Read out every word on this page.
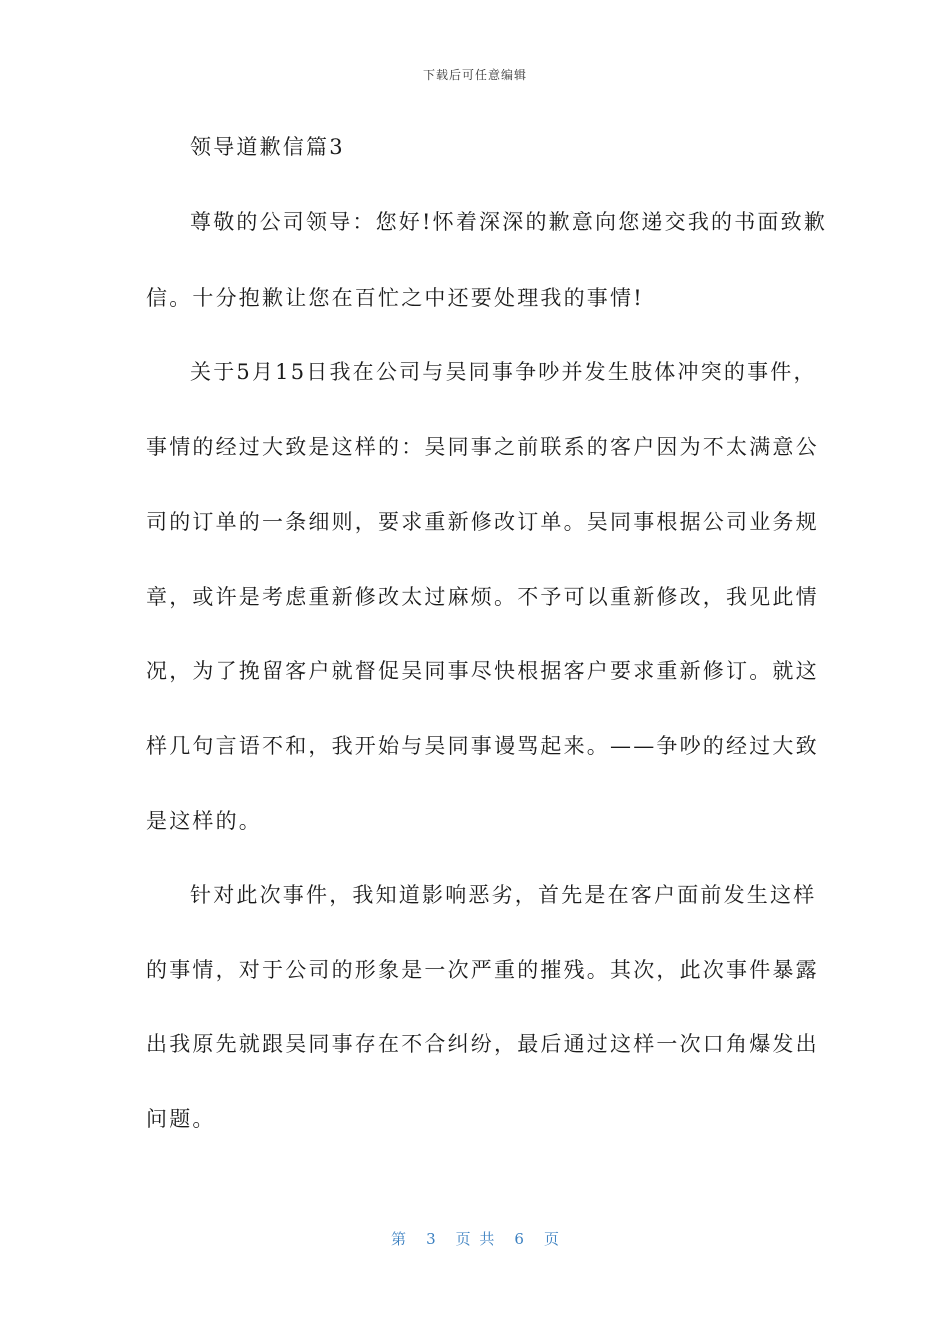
下载后可任意编辑
领导道歉信篇3
尊敬的公司领导：您好!怀着深深的歉意向您递交我的书面致歉
信。十分抱歉让您在百忙之中还要处理我的事情!
关于5月15日我在公司与吴同事争吵并发生肢体冲突的事件，
事情的经过大致是这样的：吴同事之前联系的客户因为不太满意公
司的订单的一条细则，要求重新修改订单。吴同事根据公司业务规
章，或许是考虑重新修改太过麻烦。不予可以重新修改，我见此情
况，为了挽留客户就督促吴同事尽快根据客户要求重新修订。就这
样几句言语不和，我开始与吴同事谩骂起来。——争吵的经过大致
是这样的。
针对此次事件，我知道影响恶劣，首先是在客户面前发生这样
的事情，对于公司的形象是一次严重的摧残。其次，此次事件暴露
出我原先就跟吴同事存在不合纠纷，最后通过这样一次口角爆发出
问题。
第 3 页 共 6 页
